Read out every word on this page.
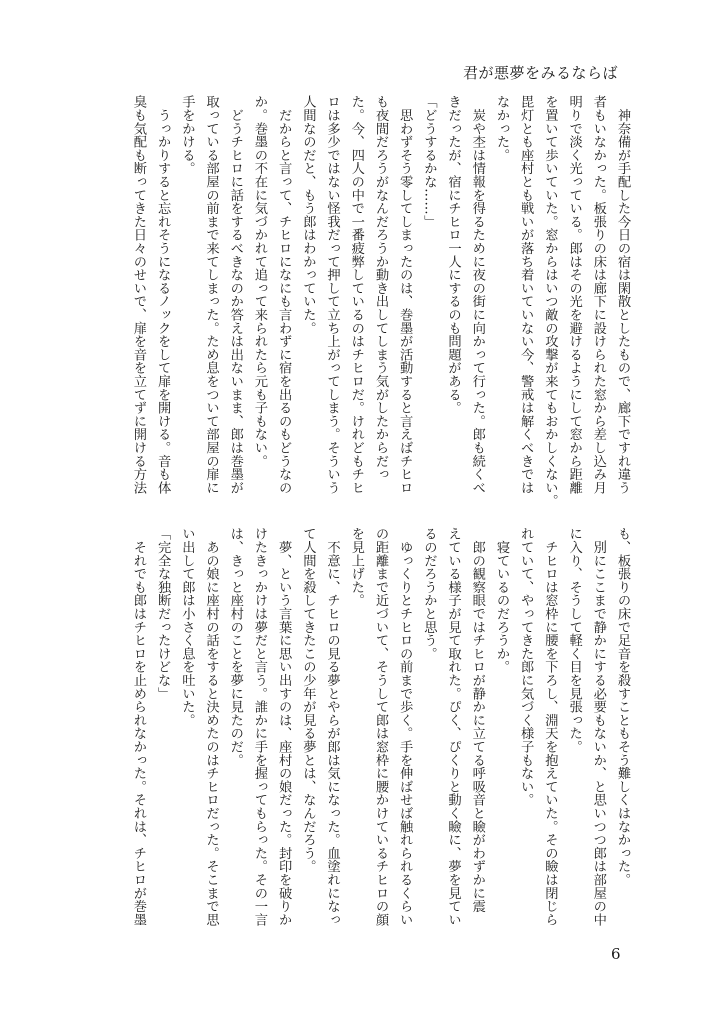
君が悪夢をみるならば
　神奈備が手配した今日の宿は閑散としたもので、廊下ですれ違う
者もいなかった。板張りの床は廊下に設けられた窓から差し込み月
明りで淡く光っている。郎はその光を避けるようにして窓から距離
を置いて歩いていた。窓からはいつ敵の攻撃が来てもおかしくない。
毘灯とも座村とも戦いが落ち着いていない今、警戒は解くべきでは
なかった。
　炭や杢は情報を得るために夜の街に向かって行った。郎も続くべ
きだったが、宿にチヒロ一人にするのも問題がある。
「どうするかな……」
　思わずそう零してしまったのは、巻墨が活動すると言えばチヒロ
も夜間だろうがなんだろうか動き出してしまう気がしたからだっ
た。今、四人の中で一番疲弊しているのはチヒロだ。けれどもチヒ
ロは多少ではない怪我だって押して立ち上がってしまう。そういう
人間なのだと、もう郎はわかっていた。
　だからと言って、チヒロになにも言わずに宿を出るのもどうなの
か。巻墨の不在に気づかれて追って来られたら元も子もない。
　どうチヒロに話をするべきなのか答えは出ないまま、郎は巻墨が
取っている部屋の前まで来てしまった。ため息をついて部屋の扉に
手をかける。
　うっかりすると忘れそうになるノックをして扉を開ける。音も体
臭も気配も断ってきた日々のせいで、扉を音を立てずに開ける方法
も、板張りの床で足音を殺すこともそう難しくはなかった。
　別にここまで静かにする必要もないか、と思いつつ郎は部屋の中
に入り、そうして軽く目を見張った。
　チヒロは窓枠に腰を下ろし、淵天を抱えていた。その瞼は閉じら
れていて、やってきた郎に気づく様子もない。
　寝ているのだろうか。
　郎の観察眼ではチヒロが静かに立てる呼吸音と瞼がわずかに震
えている様子が見て取れた。ぴく、ぴくりと動く瞼に、夢を見てい
るのだろうかと思う。
　ゆっくりとチヒロの前まで歩く。手を伸ばせば触れられるくらい
の距離まで近づいて、そうして郎は窓枠に腰かけているチヒロの顔
を見上げた。
　不意に、チヒロの見る夢とやらが郎は気になった。血塗れになっ
て人間を殺してきたこの少年が見る夢とは、なんだろう。
　夢、という言葉に思い出すのは、座村の娘だった。封印を破りか
けたきっかけは夢だと言う。誰かに手を握ってもらった。その一言
は、きっと座村のことを夢に見たのだ。
　あの娘に座村の話をすると決めたのはチヒロだった。そこまで思
い出して郎は小さく息を吐いた。
「完全な独断だったけどな」
　それでも郎はチヒロを止められなかった。それは、チヒロが巻墨
6
